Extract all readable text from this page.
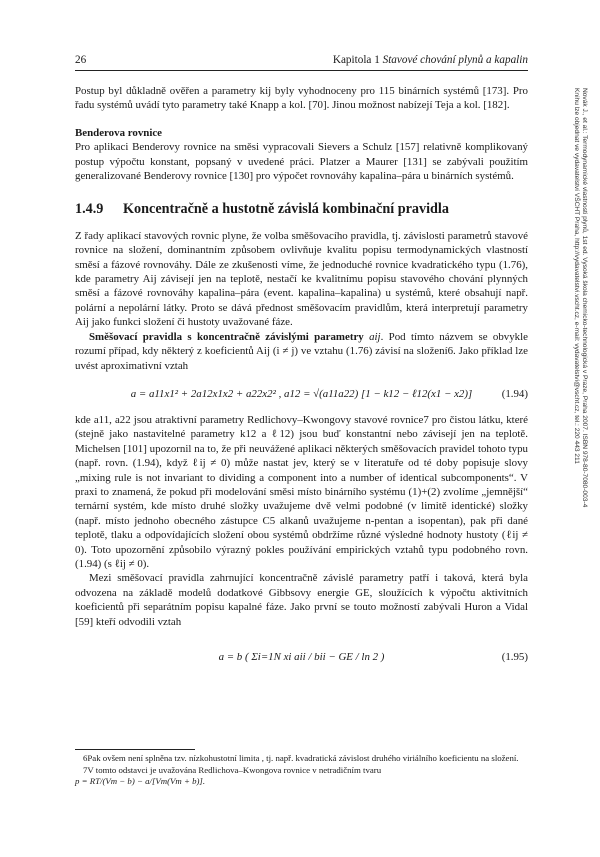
26	Kapitola 1 Stavové chování plynů a kapalin
Novák J., et al.: Termodynamické vlastnosti plynů, 1st ed. Vysoká škola chemicko-technologická v Praze, Praha 2007. ISBN 978-80-7080-003-4
Knihu lze objednat ve vydavatelství VŠCHT Praha, http://vydavatelstvi.vscht.cz, e-mail: vydavatelstvi@vscht.cz, tel.: 220 443 211

Postup byl důkladně ověřen a parametry kij byly vyhodnoceny pro 115 binárních systémů [173]. Pro řadu systémů uvádí tyto parametry také Knapp a kol. [70]. Jinou možnost nabízejí Teja a kol. [182].

Benderova rovnice

Pro aplikaci Benderovy rovnice na směsi vypracovali Sievers a Schulz [157] relativně komplikovaný postup výpočtu konstant, popsaný v uvedené práci. Platzer a Maurer [131] se zabývali použitím generalizované Benderovy rovnice [130] pro výpočet rovnováhy kapalina–pára u binárních systémů.

1.4.9	Koncentračně a hustotně závislá kombinační pravidla

Z řady aplikací stavových rovnic plyne, že volba směšovacího pravidla, tj. závislosti parametrů stavové rovnice na složení, dominantním způsobem ovlivňuje kvalitu popisu termodynamických vlastností směsí a fázové rovnováhy. Dále ze zkušenosti víme, že jednoduché rovnice kvadratického typu (1.76), kde parametry Aij závisejí jen na teplotě, nestačí ke kvalitnímu popisu stavového chování plynných směsí a fázové rovnováhy kapalina–pára (event. kapalina–kapalina) u systémů, které obsahují např. polární a nepolární látky. Proto se dává přednost směšovacím pravidlům, která interpretují parametry Aij jako funkci složení či hustoty uvažované fáze.

Směšovací pravidla s koncentračně závislými parametry aij. Pod tímto názvem se obvykle rozumí případ, kdy některý z koeficientů Aij (i ≠ j) ve vztahu (1.76) závisí na složení6. Jako příklad lze uvést aproximativní vztah

a = a11x1² + 2a12x1x2 + a22x2² , a12 = √(a11a22) [1 − k12 − ℓ12(x1 − x2)]	(1.94)

kde a11, a22 jsou atraktivní parametry Redlichovy–Kwongovy stavové rovnice7 pro čistou látku, které (stejně jako nastavitelné parametry k12 a ℓ12) jsou buď konstantní nebo závisejí jen na teplotě. Michelsen [101] upozornil na to, že při neuvážené aplikaci některých směšovacích pravidel tohoto typu (např. rovn. (1.94), když ℓij ≠ 0) může nastat jev, který se v literatuře od té doby popisuje slovy „mixing rule is not invariant to dividing a component into a number of identical subcomponents“. V praxi to znamená, že pokud při modelování směsi místo binárního systému (1)+(2) zvolíme „jemnější“ ternární systém, kde místo druhé složky uvažujeme dvě velmi podobné (v limitě identické) složky (např. místo jednoho obecného zástupce C5 alkanů uvažujeme n-pentan a isopentan), pak při dané teplotě, tlaku a odpovídajících složení obou systémů obdržíme různé výsledné hodnoty hustoty (ℓij ≠ 0). Toto upozornění způsobilo výrazný pokles používání empirických vztahů typu podobného rovn. (1.94) (s ℓij ≠ 0).

Mezi směšovací pravidla zahrnující koncentračně závislé parametry patří i taková, která byla odvozena na základě modelů dodatkové Gibbsovy energie GE, sloužících k výpočtu aktivitních koeficientů při separátním popisu kapalné fáze. Jako první se touto možností zabývali Huron a Vidal [59] kteří odvodili vztah

a = b ( Σi=1N xi aii / bii − GE / ln 2 )	(1.95)

6Pak ovšem není splněna tzv. nízkohustotní limita , tj. např. kvadratická závislost druhého viriálního koeficientu na složení.

7V tomto odstavci je uvažována Redlichova–Kwongova rovnice v netradičním tvaru

p = RT/(Vm − b) − a/[Vm(Vm + b)].
